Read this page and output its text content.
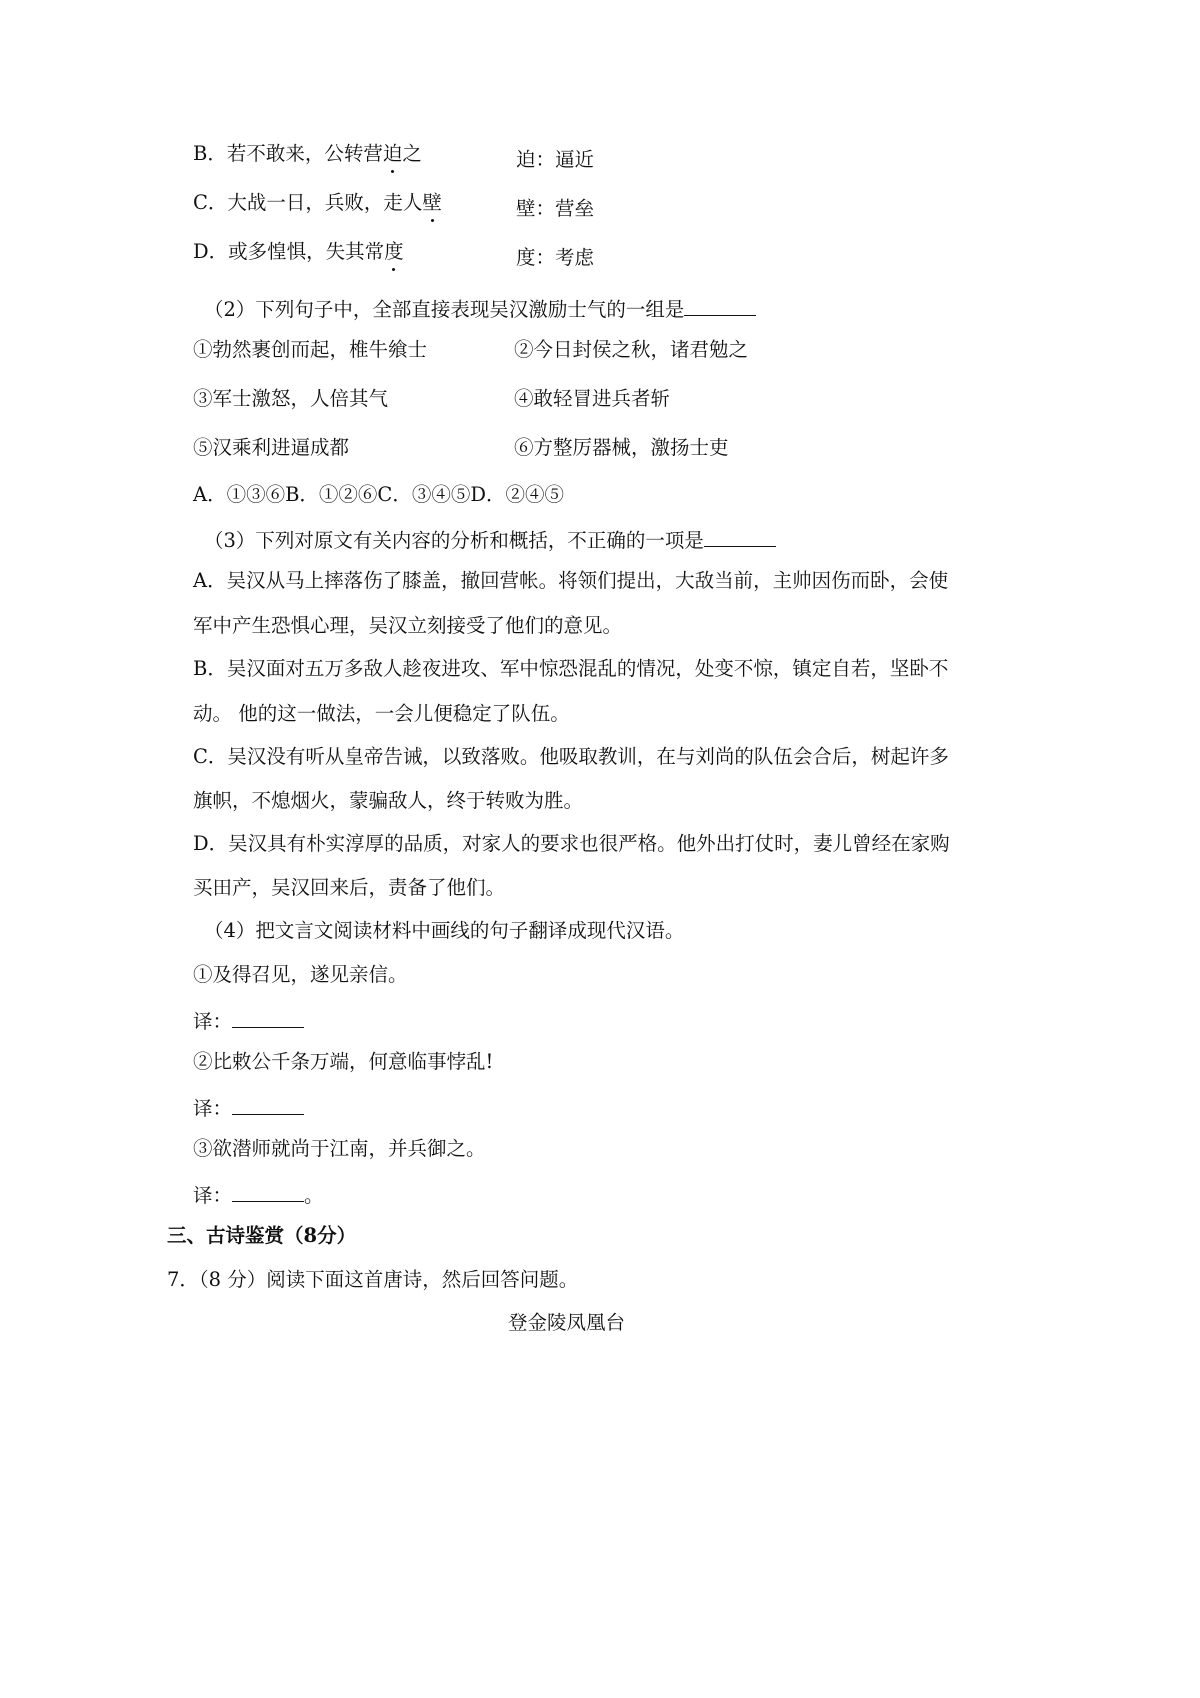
B．若不敢来，公转营迫之	迫：逼近
C．大战一日，兵败，走人壁	壁：营垒
D．或多惶惧，失其常度	度：考虑
（2）下列句子中，全部直接表现吴汉激励士气的一组是
①勃然裹创而起，椎牛飨士	②今日封侯之秋，诸君勉之
③军士激怒，人倍其气	④敢轻冒进兵者斩
⑤汉乘利进逼成都	⑥方整厉器械，激扬士吏
A．①③⑥B．①②⑥C．③④⑤D．②④⑤
（3）下列对原文有关内容的分析和概括，不正确的一项是
A．吴汉从马上摔落伤了膝盖，撤回营帐。将领们提出，大敌当前，主帅因伤而卧，会使
军中产生恐惧心理，吴汉立刻接受了他们的意见。
B．吴汉面对五万多敌人趁夜进攻、军中惊恐混乱的情况，处变不惊，镇定自若，坚卧不
动。 他的这一做法，一会儿便稳定了队伍。
C．吴汉没有听从皇帝告诫，以致落败。他吸取教训，在与刘尚的队伍会合后，树起许多
旗帜，不熄烟火，蒙骗敌人，终于转败为胜。
D．吴汉具有朴实淳厚的品质，对家人的要求也很严格。他外出打仗时，妻儿曾经在家购
买田产，吴汉回来后，责备了他们。
（4）把文言文阅读材料中画线的句子翻译成现代汉语。
①及得召见，遂见亲信。
译：
②比敕公千条万端，何意临事悖乱!
译：
③欲潜师就尚于江南，并兵御之。
译：	。
三、古诗鉴赏（8分）
7．（8 分）阅读下面这首唐诗，然后回答问题。
登金陵凤凰台
